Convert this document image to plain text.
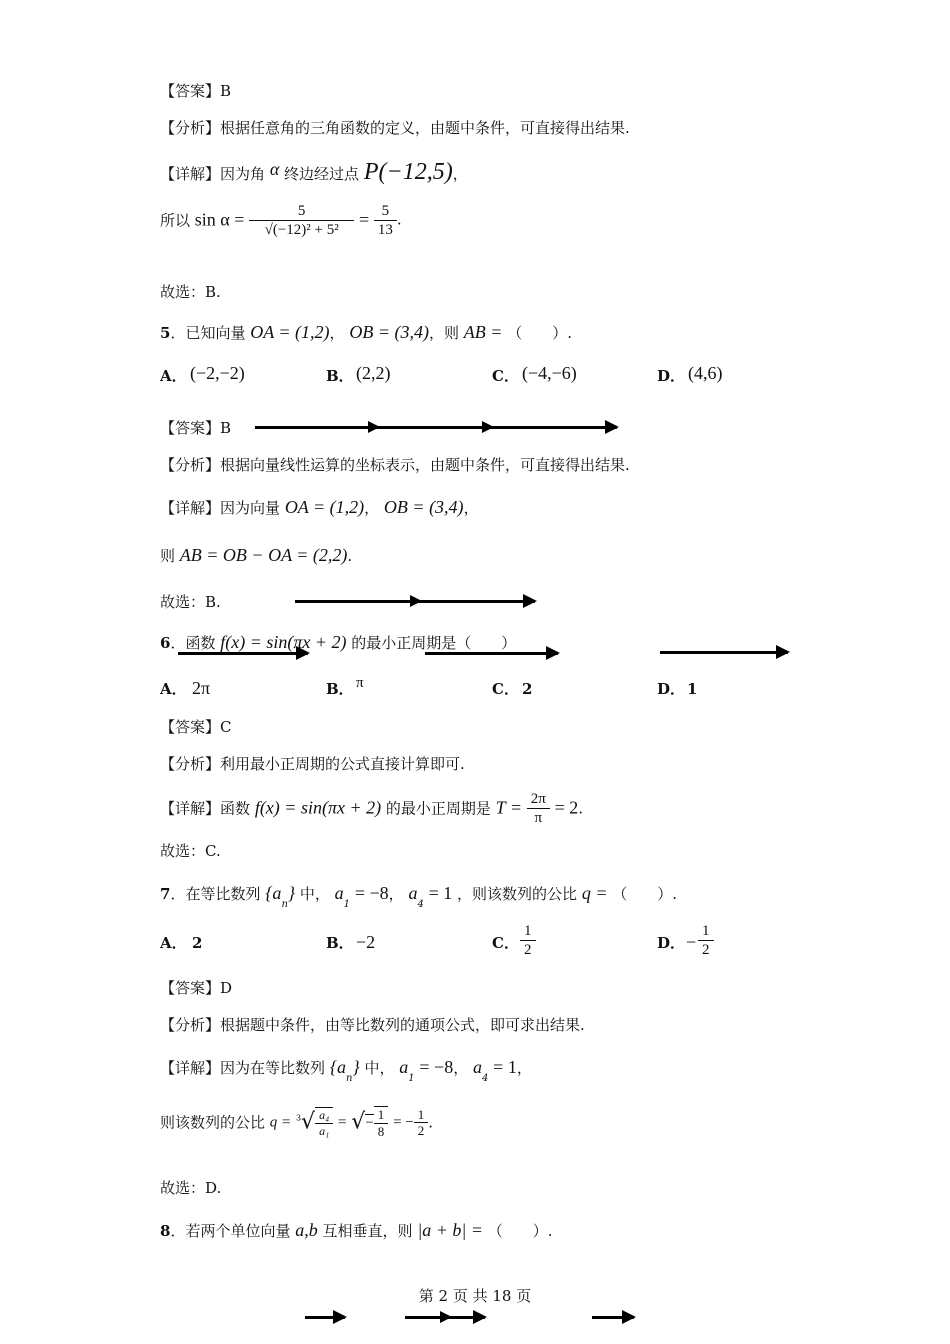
【答案】B
【分析】根据任意角的三角函数的定义，由题中条件，可直接得出结果.
【详解】因为角 α 终边经过点 P(−12,5)，
所以 $\sin \alpha = \frac{5}{\text{√(−12)² + 5²}} = \frac{5}{13}$ .
故选：B.
5．已知向量 OA = (1,2)， OB = (3,4)，则 AB = （　　）.
A． (−2,−2)	B． (2,2)	C． (−4,−6)	D． (4,6)
【答案】B
【分析】根据向量线性运算的坐标表示，由题中条件，可直接得出结果.
【详解】因为向量 OA = (1,2)， OB = (3,4)，
则 AB = OB − OA = (2,2).
故选：B.
6．函数 f(x) = sin(πx + 2) 的最小正周期是（　　）
A． 2π	B． π	C． 2	D． 1
【答案】C
【分析】利用最小正周期的公式直接计算即可.
【详解】函数 f(x) = sin(πx + 2) 的最小正周期是 $T = \frac{2\pi}{\pi} = 2$.
故选：C.
7．在等比数列 $\{a_n\}$ 中， $a_1 = -8$， $a_4 = 1$ ，则该数列的公比 q = （　　）.
A． 2	B． −2	C． $\frac{1}{2}$	D． − $\frac{1}{2}$
【答案】D
【分析】根据题中条件，由等比数列的通项公式，即可求出结果.
【详解】因为在等比数列 $\{a_n\}$ 中， $a_1 = -8$， $a_4 = 1$，
则该数列的公比 $q = ^3√ \frac{\text{a₄}}{\text{a₁}}$ = √− $\frac{1}{8}$ = − $\frac{1}{2}$ .
故选：D.
8．若两个单位向量 a,b 互相垂直，则 |a + b| = （　　）.
第 2 页 共 18 页
